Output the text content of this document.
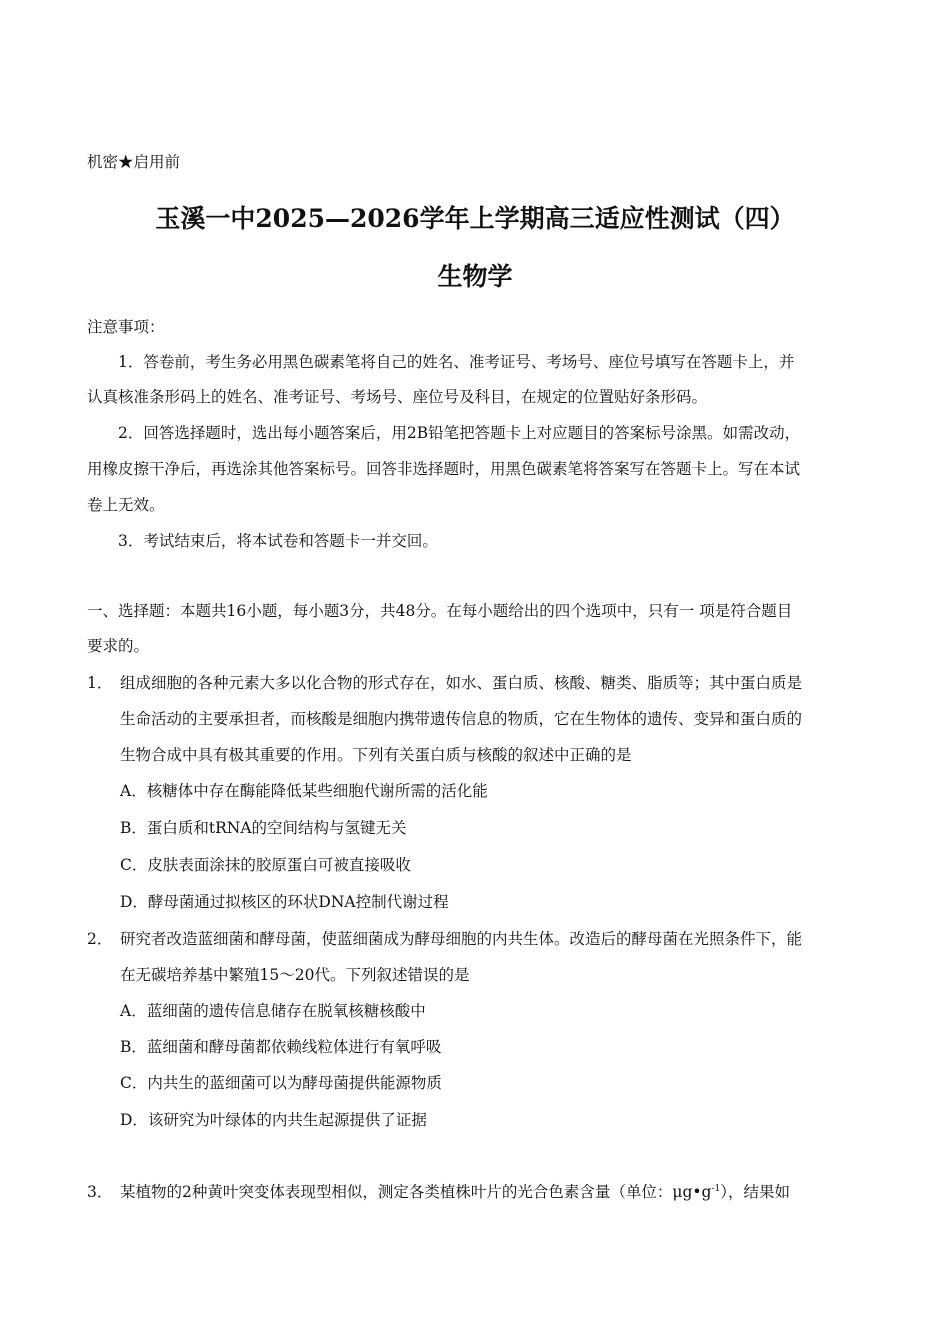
机密★启用前
玉溪一中2025—2026学年上学期高三适应性测试（四）
生物学
注意事项：
1．答卷前，考生务必用黑色碳素笔将自己的姓名、准考证号、考场号、座位号填写在答题卡上，并
认真核准条形码上的姓名、准考证号、考场号、座位号及科目，在规定的位置贴好条形码。
2．回答选择题时，选出每小题答案后，用2B铅笔把答题卡上对应题目的答案标号涂黑。如需改动，
用橡皮擦干净后，再选涂其他答案标号。回答非选择题时，用黑色碳素笔将答案写在答题卡上。写在本试
卷上无效。
3．考试结束后，将本试卷和答题卡一并交回。
一、选择题：本题共16小题，每小题3分，共48分。在每小题给出的四个选项中，只有一 项是符合题目
要求的。
1． 组成细胞的各种元素大多以化合物的形式存在，如水、蛋白质、核酸、糖类、脂质等；其中蛋白质是
生命活动的主要承担者，而核酸是细胞内携带遗传信息的物质，它在生物体的遗传、变异和蛋白质的
生物合成中具有极其重要的作用。下列有关蛋白质与核酸的叙述中正确的是
A．核糖体中存在酶能降低某些细胞代谢所需的活化能
B．蛋白质和tRNA的空间结构与氢键无关
C．皮肤表面涂抹的胶原蛋白可被直接吸收
D．酵母菌通过拟核区的环状DNA控制代谢过程
2． 研究者改造蓝细菌和酵母菌，使蓝细菌成为酵母细胞的内共生体。改造后的酵母菌在光照条件下，能
在无碳培养基中繁殖15～20代。下列叙述错误的是
A．蓝细菌的遗传信息储存在脱氧核糖核酸中
B．蓝细菌和酵母菌都依赖线粒体进行有氧呼吸
C．内共生的蓝细菌可以为酵母菌提供能源物质
D．该研究为叶绿体的内共生起源提供了证据
3． 某植物的2种黄叶突变体表现型相似，测定各类植株叶片的光合色素含量（单位：$\mu g•g^{-1}$），结果如
